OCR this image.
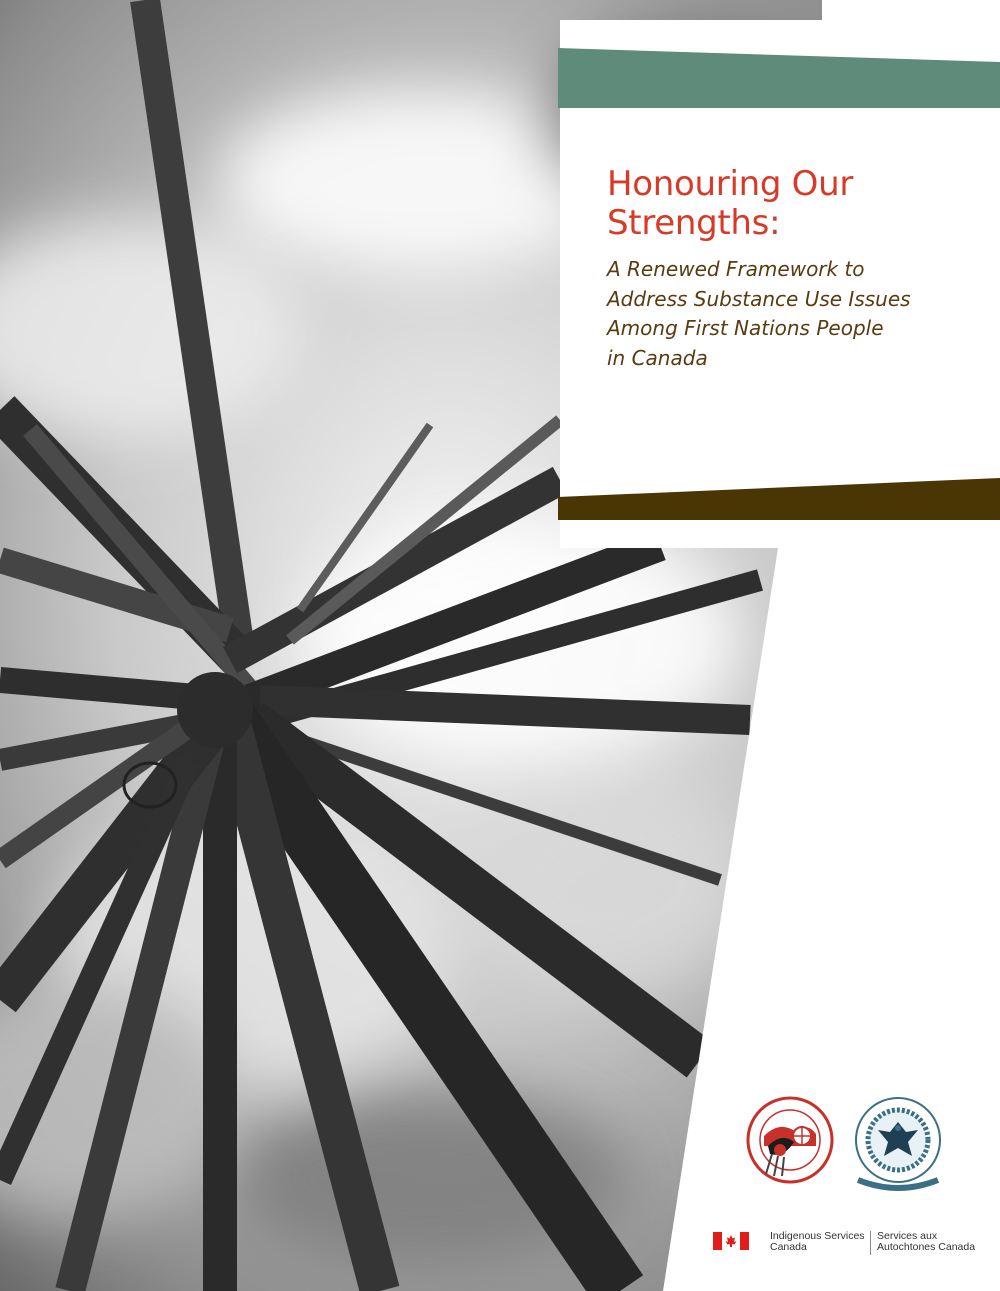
Honouring Our
Strengths:

A Renewed Framework to
Address Substance Use Issues
Among First Nations People
in Canada

Indigenous Services
Canada
Services aux
Autochtones Canada
